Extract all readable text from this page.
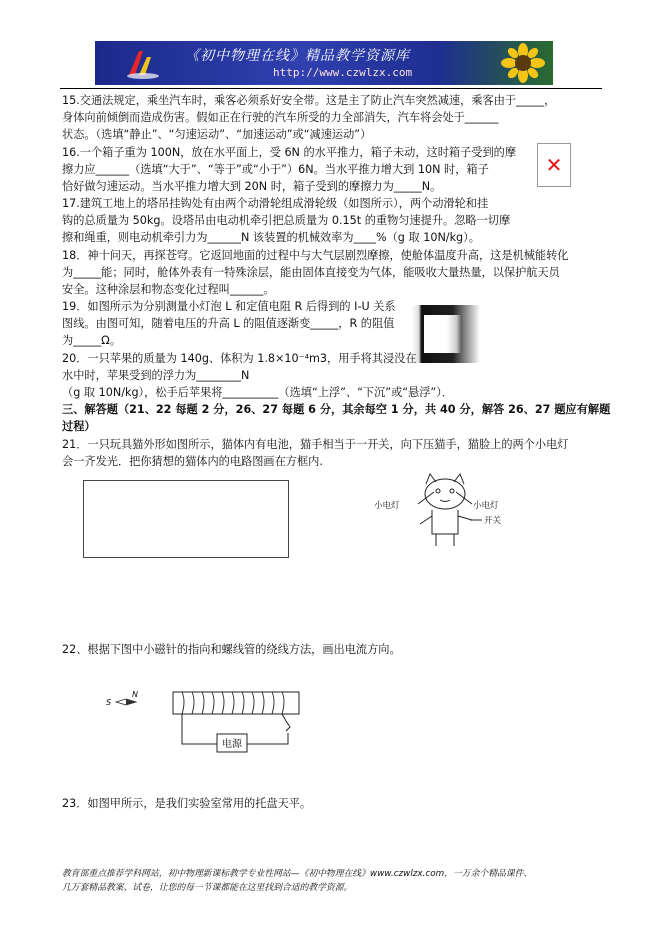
《初中物理在线》精品教学资源库
http://www.czwlzx.com
15.交通法规定，乘坐汽车时，乘客必须系好安全带。这是主了防止汽车突然减速，乘客由于_____，
身体向前倾倒而造成伤害。假如正在行驶的汽车所受的力全部消失，汽车将会处于______
状态。（选填“静止”、“匀速运动”、“加速运动”或“减速运动”）
16.一个箱子重为 100N，放在水平面上，受 6N 的水平推力，箱子未动，这时箱子受到的摩
擦力应______（选填“大于”、“等于”或“小于”）6N。当水平推力增大到 10N 时，箱子
恰好做匀速运动。当水平推力增大到 20N 时，箱子受到的摩擦力为_____N。
✕
17.建筑工地上的塔吊挂钩处有由两个动滑轮组成滑轮级（如图所示），两个动滑轮和挂
钩的总质量为 50kg。设塔吊由电动机牵引把总质量为 0.15t 的重物匀速提升。忽略一切摩
擦和绳重，则电动机牵引力为______N 该装置的机械效率为____%（g 取 10N/kg）。
18．神十问天，再探苍穹。它返回地面的过程中与大气层剧烈摩擦，使舱体温度升高，这是机械能转化
为_____能；同时，舱体外表有一特殊涂层，能由固体直接变为气体，能吸收大量热量，以保护航天员
安全。这种涂层和物态变化过程叫______。
19．如图所示为分别测量小灯泡 L 和定值电阻 R 后得到的 I-U 关系
图线。由图可知，随着电压的升高 L 的阻值逐渐变_____，R 的阻值
为_____Ω。
20．一只苹果的质量为 140g、体积为 1.8×10⁻⁴m3，用手将其浸没在
水中时，苹果受到的浮力为________N
（g 取 10N/kg），松手后苹果将__________（选填“上浮”、“下沉”或“悬浮”）．
三、解答题（21、22 每题 2 分，26、27 每题 6 分，其余每空 1 分，共 40 分，解答 26、27 题应有解题
过程）
21．一只玩具猫外形如图所示，猫体内有电池，猫手相当于一开关，向下压猫手，猫脸上的两个小电灯
会一齐发光．把你猜想的猫体内的电路图画在方框内.
小电灯	小电灯
开关
22、根据下图中小磁针的指向和螺线管的绕线方法，画出电流方向。
S
N
电源
23．如图甲所示，是我们实验室常用的托盘天平。
教育部重点推荐学科网站，初中物理新课标教学专业性网站—《初中物理在线》www.czwlzx.com，一万余个精品课件、
几万套精品教案、试卷，让您的每一节课都能在这里找到合适的教学资源。
